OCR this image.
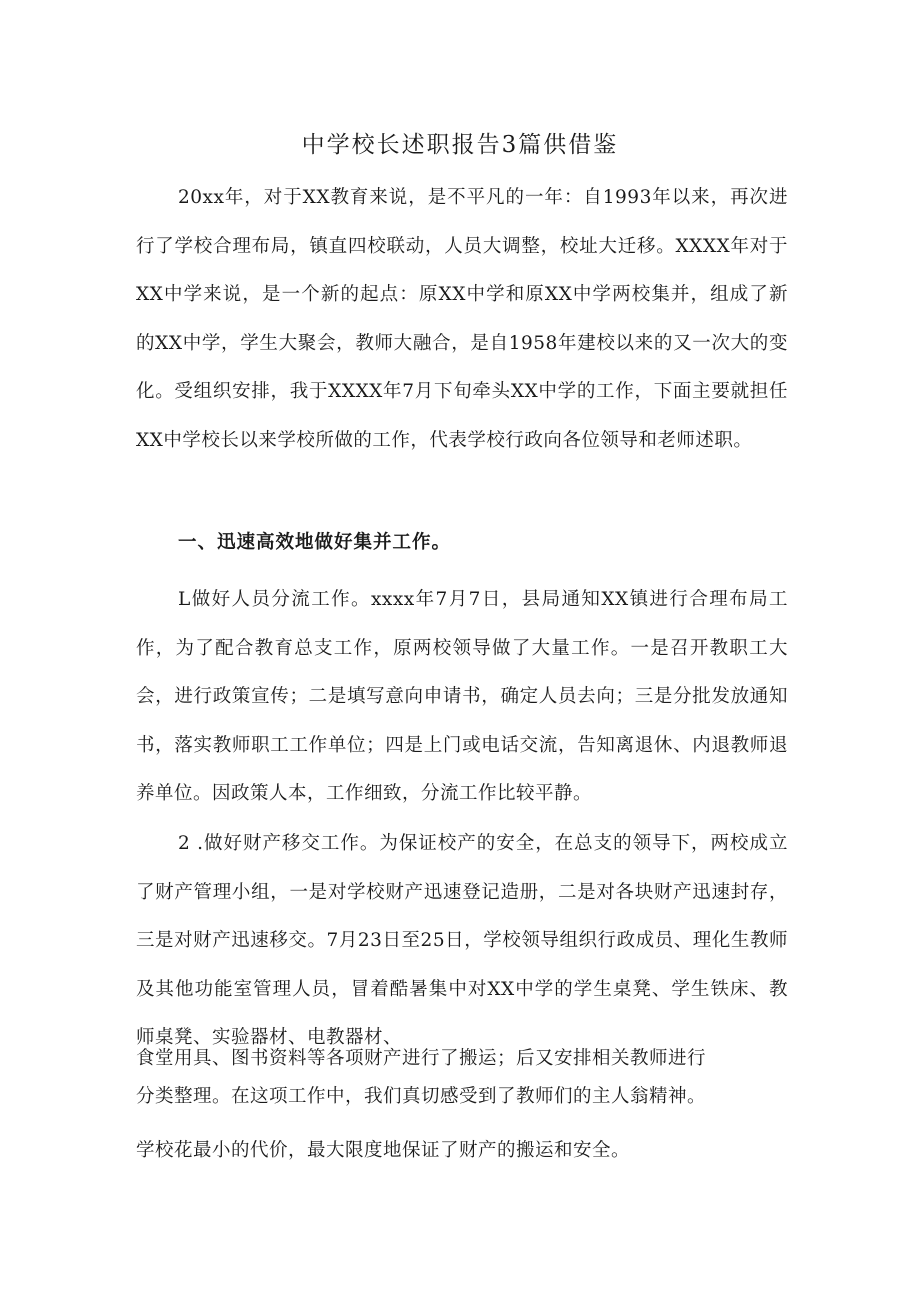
中学校长述职报告3篇供借鉴

20xx年，对于XX教育来说，是不平凡的一年：自1993年以来，再次进行了学校合理布局，镇直四校联动，人员大调整，校址大迁移。XXXX年对于XX中学来说，是一个新的起点：原XX中学和原XX中学两校集并，组成了新的XX中学，学生大聚会，教师大融合，是自1958年建校以来的又一次大的变化。受组织安排，我于XXXX年7月下旬牵头XX中学的工作，下面主要就担任XX中学校长以来学校所做的工作，代表学校行政向各位领导和老师述职。

一、迅速高效地做好集并工作。

L做好人员分流工作。xxxx年7月7日，县局通知XX镇进行合理布局工作，为了配合教育总支工作，原两校领导做了大量工作。一是召开教职工大会，进行政策宣传；二是填写意向申请书，确定人员去向；三是分批发放通知书，落实教师职工工作单位；四是上门或电话交流，告知离退休、内退教师退养单位。因政策人本，工作细致，分流工作比较平静。

2 .做好财产移交工作。为保证校产的安全，在总支的领导下，两校成立了财产管理小组，一是对学校财产迅速登记造册，二是对各块财产迅速封存，三是对财产迅速移交。7月23日至25日，学校领导组织行政成员、理化生教师及其他功能室管理人员，冒着酷暑集中对XX中学的学生桌凳、学生铁床、教师桌凳、实验器材、电教器材、

食堂用具、图书资料等各项财产进行了搬运；后又安排相关教师进行

分类整理。在这项工作中，我们真切感受到了教师们的主人翁精神。

学校花最小的代价，最大限度地保证了财产的搬运和安全。
